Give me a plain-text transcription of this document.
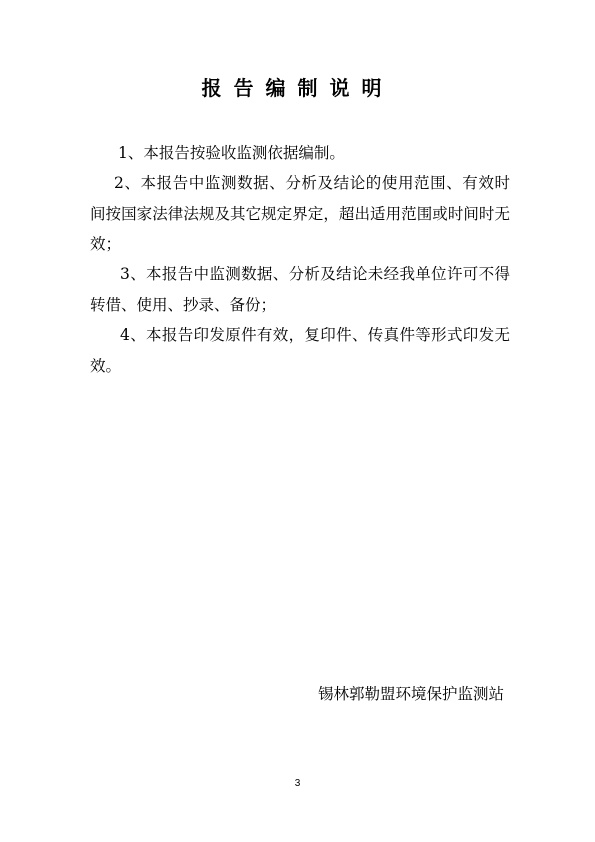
报告编制说明
1、本报告按验收监测依据编制。
2、本报告中监测数据、分析及结论的使用范围、有效时间按国家法律法规及其它规定界定，超出适用范围或时间时无效；
3、本报告中监测数据、分析及结论未经我单位许可不得转借、使用、抄录、备份；
4、本报告印发原件有效，复印件、传真件等形式印发无效。
锡林郭勒盟环境保护监测站
3
